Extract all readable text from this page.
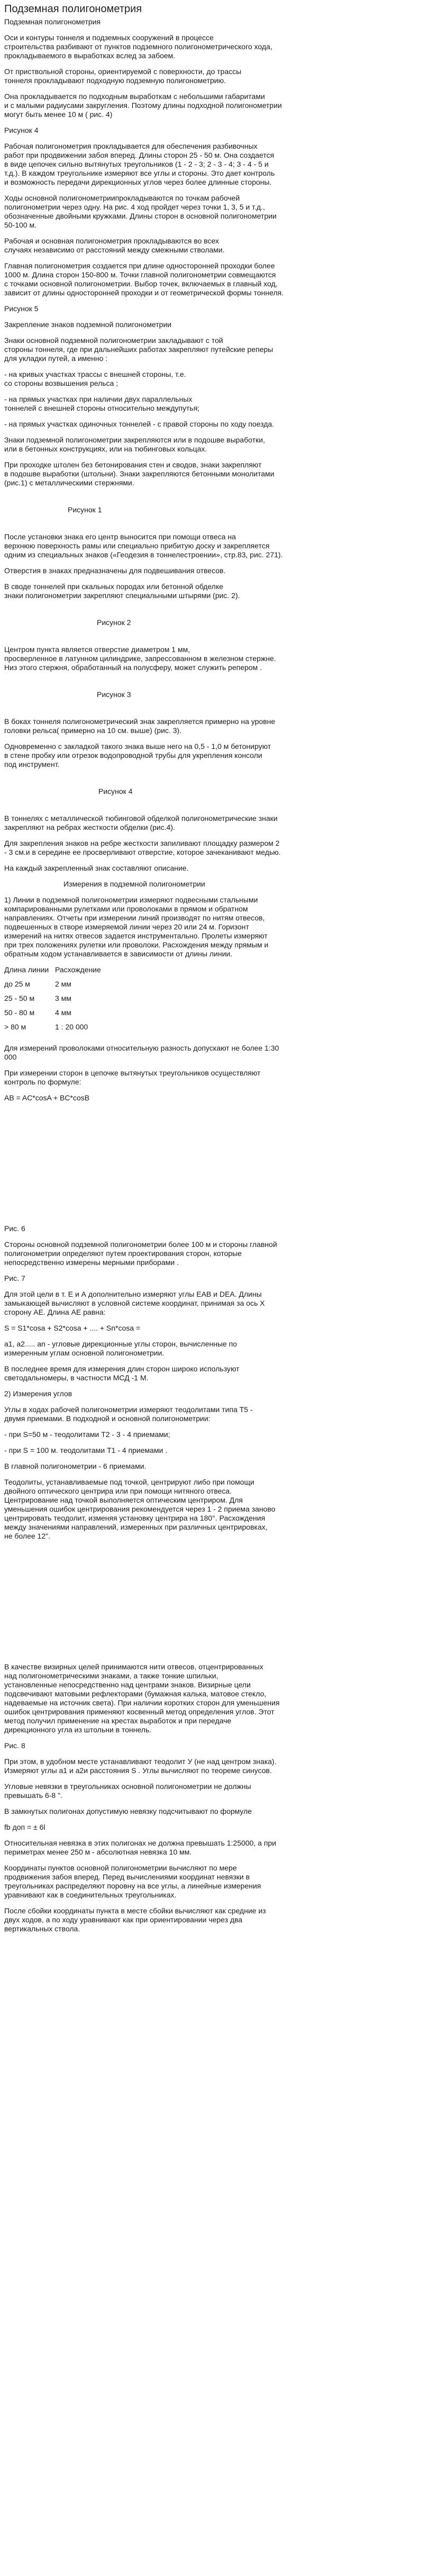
Подземная полигонометрия
Подземная полигонометрия
Оси и контуры тоннеля и подземных сооружений в процессе
строительства разбивают от пунктов подземного полигонометрического хода,
прокладываемого в выработках вслед за забоем.
От приствольной стороны, ориентируемой с поверхности, до трассы
тоннеля прокладывают подходную подземную полигонометрию.
Она прокладывается по подходным выработкам с небольшими габаритами
и с малыми радиусами закругления. Поэтому длины подходной полигонометрии
могут быть менее 10 м ( рис. 4)
Рисунок 4
Рабочая полигонометрия прокладывается для обеспечения разбивочных
работ при продвижении забоя вперед. Длины сторон 25 - 50 м. Она создается
в виде цепочек сильно вытянутых треугольников (1 - 2 - 3; 2 - 3 - 4; 3 - 4 - 5 и
т.д.). В каждом треугольнике измеряют все углы и стороны. Это дает контроль
и возможность передачи дирекционных углов через более длинные стороны.
Ходы основной полигонометриипрокладываются по точкам рабочей
полигонометрии через одну. На рис. 4 ход пройдет через точки 1, 3, 5 и т.д.,
обозначенные двойными кружками. Длины сторон в основной полигонометрии
50-100 м.
Рабочая и основная полигонометрия прокладываются во всех
случаях независимо от расстояний между смежными стволами.
Главная полигонометрия создается при длине односторонней проходки более
1000 м. Длина сторон 150-800 м. Точки главной полигонометрии совмещаются
с точками основной полигонометрии. Выбор точек, включаемых в главный ход,
зависит от длины односторонней проходки и от геометрической формы тоннеля.
Рисунок 5
Закрепление знаков подземной полигонометрии
Знаки основной подземной полигонометрии закладывают с той
стороны тоннеля, где при дальнейших работах закрепляют путейские реперы
для укладки путей, а именно :
- на кривых участках трассы с внешней стороны, т.е.
со стороны возвышения рельса ;
- на прямых участках при наличии двух параллельных
тоннелей с внешней стороны относительно междупутья;
- на прямых участках одиночных тоннелей - с правой стороны по ходу поезда.
Знаки подземной полигонометрии закрепляются или в подошве выработки,
или в бетонных конструкциях, или на тюбинговых кольцах.
При проходке штолен без бетонирования стен и сводов, знаки закрепляют
в подошве выработки (штольни). Знаки закрепляются бетонными монолитами
(рис.1) с металлическими стержнями.
Рисунок 1
После установки знака его центр выносится при помощи отвеса на
верхнюю поверхность рамы или специально прибитую доску и закрепляется
одним из специальных знаков («Геодезия в тоннелестроении», стр.83, рис. 271).
Отверстия в знаках предназначены для подвешивания отвесов.
В своде тоннелей при скальных породах или бетонной обделке
знаки полигонометрии закрепляют специальными штырями (рис. 2).
Рисунок 2
Центром пункта является отверстие диаметром 1 мм,
просверленное в латунном цилиндрике, запрессованном в железном стержне.
Низ этого стержня, обработанный на полусферу, может служить репером .
Рисунок 3
В боках тоннеля полигонометрический знак закрепляется примерно на уровне
головки рельса( примерно на 10 см. выше) (рис. 3).
Одновременно с закладкой такого знака выше него на 0,5 - 1,0 м бетонируют
в стене пробку или отрезок водопроводной трубы для укрепления консоли
под инструмент.
Рисунок 4
В тоннелях с металлической тюбинговой обделкой полигонометрические знаки
закрепляют на ребрах жесткости обделки (рис.4).
Для закрепления знаков на ребре жесткости запиливают площадку размером 2
- 3 см.и в середине ее просверливают отверстие, которое зачеканивают медью.
На каждый закрепленный знак составляют описание.
Измерения в подземной полигонометрии
1) Линии в подземной полигонометрии измеряют подвесными стальными
компарированными рулетками или проволоками в прямом и обратном
направлениях. Отчеты при измерении линий производят по нитям отвесов,
подвешенных в створе измеряемой линии через 20 или 24 м. Горизонт
измерений на нитях отвесов задается инструментально. Пролеты измеряют
при трех положениях рулетки или проволоки. Расхождения между прямым и
обратным ходом устанавливается в зависимости от длины линии.
Длина линии	Расхождение
до 25 м	2 мм
25 - 50 м	3 мм
50 - 80 м	4 мм
> 80 м	1 : 20 000
Для измерений проволоками относительную разность допускают не более 1:30
000
При измерении сторон в цепочке вытянутых треугольников осуществляют
контроль по формуле:
AB = AC*cosA + BC*cosB
Рис. 6
Стороны основной подземной полигонометрии более 100 м и стороны главной
полигонометрии определяют путем проектирования сторон, которые
непосредственно измерены мерными приборами .
Рис. 7
Для этой цели в т. Е и А дополнительно измеряют углы EAB и DEA. Длины
замыкающей вычисляют в условной системе координат, принимая за ось X
сторону AE. Длина AE равна:
S = S1*cosa + S2*cosa + .... + Sn*cosa =
a1, a2..... an - угловые дирекционные углы сторон, вычисленные по
измеренным углам основной полигонометрии.
В последнее время для измерения длин сторон широко используют
светодальномеры, в частности МСД -1 М.
2) Измерения углов
Углы в ходах рабочей полигонометрии измеряют теодолитами типа Т5 -
двумя приемами. В подходной и основной полигонометрии:
- при S=50 м - теодолитами Т2 - 3 - 4 приемами;
- при S = 100 м. теодолитами Т1 - 4 приемами .
В главной полигонометрии - 6 приемами.
Теодолиты, устанавливаемые под точкой, центрируют либо при помощи
двойного оптического центрира или при помощи нитяного отвеса.
Центрирование над точкой выполняется оптическим центриром. Для
уменьшения ошибок центрирования рекомендуется через 1 - 2 приема заново
центрировать теодолит, изменяя установку центрира на 180°. Расхождения
между значениями направлений, измеренных при различных центрировках,
не более 12".
В качестве визирных целей принимаются нити отвесов, отцентрированных
над полигонометрическими знаками, а также тонкие шпильки,
установленные непосредственно над центрами знаков. Визирные цели
подсвечивают матовыми рефлекторами (бумажная калька, матовое стекло,
надеваемые на источник света). При наличии коротких сторон для уменьшения
ошибок центрирования применяют косвенный метод определения углов. Этот
метод получил применение на крестах выработок и при передаче
дирекционного угла из штольни в тоннель.
Рис. 8
При этом, в удобном месте устанавливают теодолит У (не над центром знака).
Измеряют углы а1 и а2и расстояния S . Углы вычисляют по теореме синусов.
Угловые невязки в треугольниках основной полигонометрии не должны
превышать 6-8 ".
В замкнутых полигонах допустимую невязку подсчитывают по формуле
fb доп = ± 6l
Относительная невязка в этих полигонах не должна превышать 1:25000, а при
периметрах менее 250 м - абсолютная невязка 10 мм.
Координаты пунктов основной полигонометрии вычисляют по мере
продвижения забоя вперед. Перед вычислениями координат невязки в
треугольниках распределяют поровну на все углы, а линейные измерения
уравнивают как в соединительных треугольниках.
После сбойки координаты пункта в месте сбойки вычисляют как средние из
двух ходов, а по ходу уравнивают как при ориентировании через два
вертикальных ствола.
